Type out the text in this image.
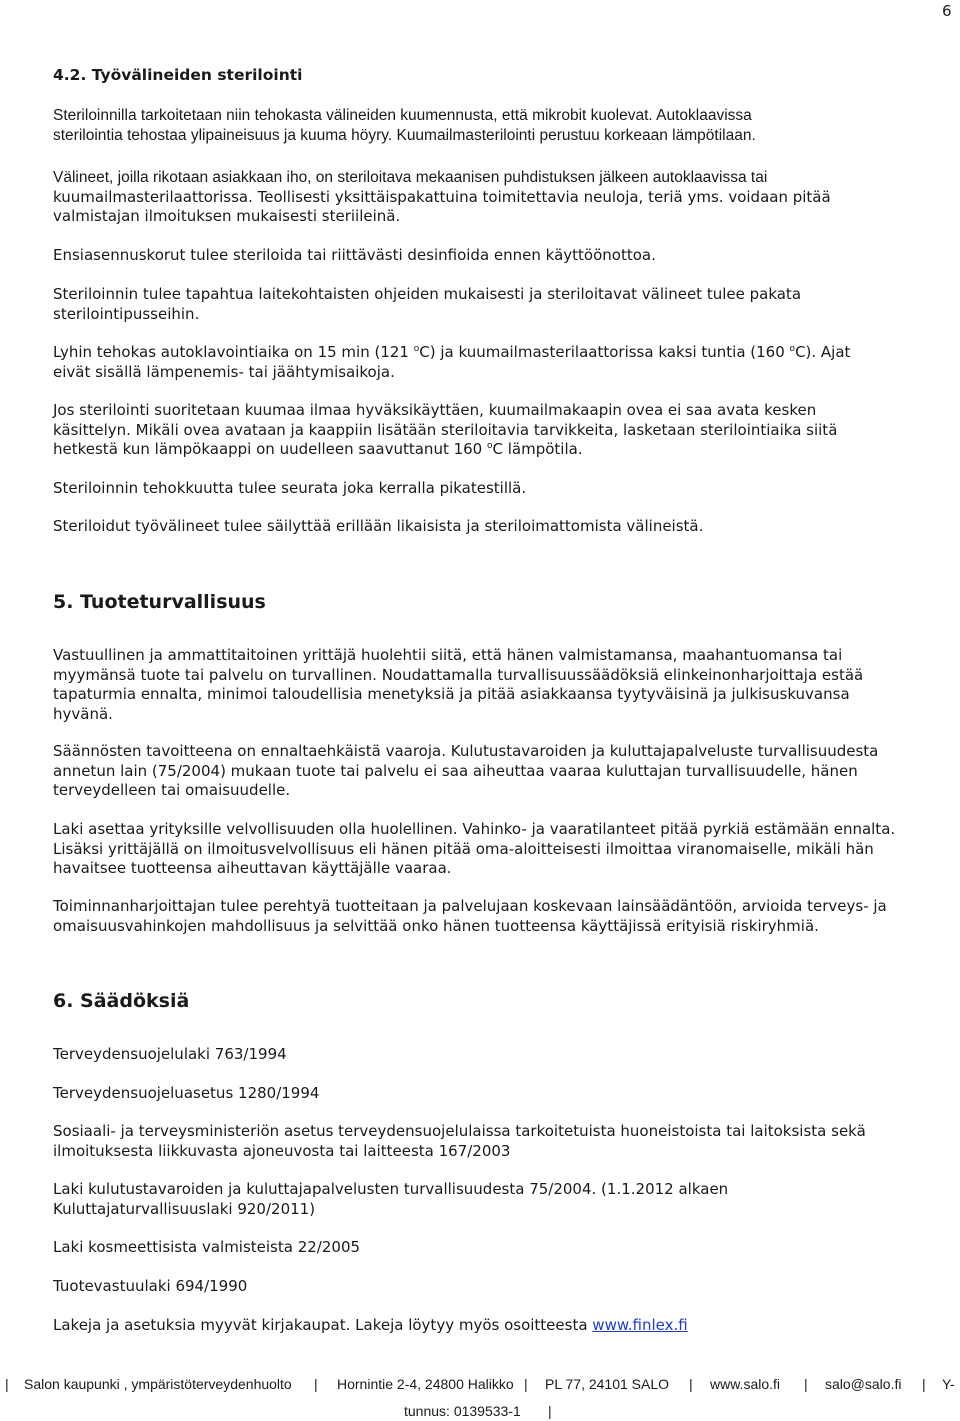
6
4.2. Työvälineiden sterilointi
Steriloinnilla tarkoitetaan niin tehokasta välineiden kuumennusta, että mikrobit kuolevat. Autoklaavissa
sterilointia tehostaa ylipaineisuus ja kuuma höyry. Kuumailmasterilointi perustuu korkeaan lämpötilaan.
Välineet, joilla rikotaan asiakkaan iho, on steriloitava mekaanisen puhdistuksen jälkeen autoklaavissa tai
kuumailmasterilaattorissa. Teollisesti yksittäispakattuina toimitettavia neuloja, teriä yms. voidaan pitää
valmistajan ilmoituksen mukaisesti steriileinä.
Ensiasennuskorut tulee steriloida tai riittävästi desinfioida ennen käyttöönottoa.
Steriloinnin tulee tapahtua laitekohtaisten ohjeiden mukaisesti ja steriloitavat välineet tulee pakata
sterilointipusseihin.
Lyhin tehokas autoklavointiaika on 15 min (121 $^o$C) ja kuumailmasterilaattorissa kaksi tuntia (160 $^o$C). Ajat
eivät sisällä lämpenemis- tai jäähtymisaikoja.
Jos sterilointi suoritetaan kuumaa ilmaa hyväksikäyttäen, kuumailmakaapin ovea ei saa avata kesken
käsittelyn. Mikäli ovea avataan ja kaappiin lisätään steriloitavia tarvikkeita, lasketaan sterilointiaika siitä
hetkestä kun lämpökaappi on uudelleen saavuttanut 160 $^o$C lämpötila.
Steriloinnin tehokkuutta tulee seurata joka kerralla pikatestillä.
Steriloidut työvälineet tulee säilyttää erillään likaisista ja steriloimattomista välineistä.
5. Tuoteturvallisuus
Vastuullinen ja ammattitaitoinen yrittäjä huolehtii siitä, että hänen valmistamansa, maahantuomansa tai
myymänsä tuote tai palvelu on turvallinen. Noudattamalla turvallisuussäädöksiä elinkeinonharjoittaja estää
tapaturmia ennalta, minimoi taloudellisia menetyksiä ja pitää asiakkaansa tyytyväisinä ja julkisuskuvansa
hyvänä.
Säännösten tavoitteena on ennaltaehkäistä vaaroja. Kulutustavaroiden ja kuluttajapalveluste turvallisuudesta
annetun lain (75/2004) mukaan tuote tai palvelu ei saa aiheuttaa vaaraa kuluttajan turvallisuudelle, hänen
terveydelleen tai omaisuudelle.
Laki asettaa yrityksille velvollisuuden olla huolellinen. Vahinko- ja vaaratilanteet pitää pyrkiä estämään ennalta.
Lisäksi yrittäjällä on ilmoitusvelvollisuus eli hänen pitää oma-aloitteisesti ilmoittaa viranomaiselle, mikäli hän
havaitsee tuotteensa aiheuttavan käyttäjälle vaaraa.
Toiminnanharjoittajan tulee perehtyä tuotteitaan ja palvelujaan koskevaan lainsäädäntöön, arvioida terveys- ja
omaisuusvahinkojen mahdollisuus ja selvittää onko hänen tuotteensa käyttäjissä erityisiä riskiryhmiä.
6. Säädöksiä
Terveydensuojelulaki 763/1994
Terveydensuojeluasetus 1280/1994
Sosiaali- ja terveysministeriön asetus terveydensuojelulaissa tarkoitetuista huoneistoista tai laitoksista sekä
ilmoituksesta liikkuvasta ajoneuvosta tai laitteesta 167/2003
Laki kulutustavaroiden ja kuluttajapalvelusten turvallisuudesta 75/2004. (1.1.2012 alkaen
Kuluttajaturvallisuuslaki 920/2011)
Laki kosmeettisista valmisteista 22/2005
Tuotevastuulaki 694/1990
Lakeja ja asetuksia myyvät kirjakaupat. Lakeja löytyy myös osoitteesta www.finlex.fi
| Salon kaupunki , ympäristöterveydenhuolto | Hornintie 2-4, 24800 Halikko | PL 77, 24101 SALO | www.salo.fi | salo@salo.fi | Y-
tunnus: 0139533-1 |
